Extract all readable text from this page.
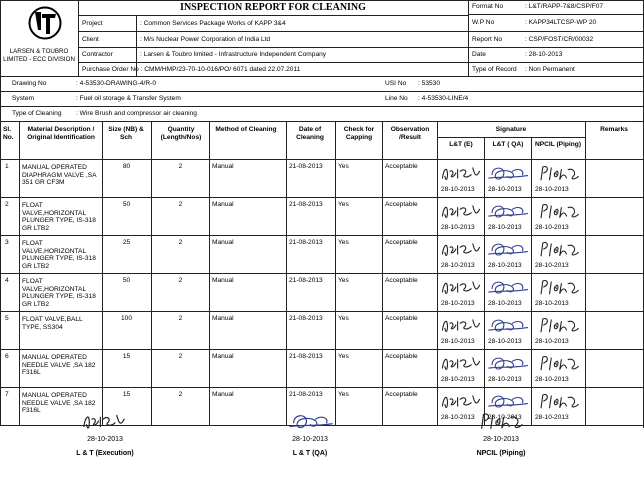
LARSEN & TOUBRO
LIMITED - ECC DIVISION
INSPECTION REPORT FOR CLEANING
Project	: Common Services Package Works of KAPP 3&4
Client	: M/s Nuclear Power Corporation of India Ltd
Contractor	: Larsen & Toubro limited - Infrastructure Independent Company
Purchase Order No : CMM/HMP/23-70-10-016/PO/ 6071 dated 22.07.2011
Format No	: L&T/RAPP-7&8/CSP/F07
W.P No	: KAPP34LTCSP-WP 20
Report No	: CSP/FOST/CR/00032
Date	: 28-10-2013
Type of Record : Non Permanent
Drawing No	: 4-53530-DRAWING-4/R-0	USI No : 53530
System	: Fuel oil storage & Transfer System	Line No : 4-53530-LINE/4
Type of Cleaning : Wire Brush and compressor air cleaning
Sl. No.
Material Description / Original Identification
Size (NB) & Sch
Quantity (Length/Nos)
Method of Cleaning	Date of Cleaning
Check for Capping
Observation /Result
Signature
L&T (E)	L&T ( QA)	NPCIL (Piping)
Remarks
1	MANUAL OPERATED DIAPHRAGM VALVE ,SA 351 GR CF3M
80	2	Manual	21-08-2013	Yes	Acceptable
28-10-2013	28-10-2013	28-10-2013
2	FLOAT VALVE,HORIZONTAL PLUNGER TYPE, IS-318 GR LTB2
50	2	Manual	21-08-2013	Yes	Acceptable
28-10-2013	28-10-2013	28-10-2013
3	FLOAT VALVE,HORIZONTAL PLUNGER TYPE, IS-318 GR LTB2
25	2	Manual	21-08-2013	Yes	Acceptable
28-10-2013	28-10-2013	28-10-2013
4	FLOAT VALVE,HORIZONTAL PLUNGER TYPE, IS-318 GR LTB2
50	2	Manual	21-08-2013	Yes	Acceptable
28-10-2013	28-10-2013	28-10-2013
5	FLOAT VALVE,BALL TYPE, SS304
100	2	Manual	21-08-2013	Yes	Acceptable
28-10-2013	28-10-2013	28-10-2013
6	MANUAL OPERATED NEEDLE VALVE ,SA 182 F316L
15	2	Manual	21-08-2013	Yes	Acceptable
28-10-2013	28-10-2013	28-10-2013
7	MANUAL OPERATED NEEDLE VALVE ,SA 182 F316L
15	2	Manual	21-08-2013	Yes	Acceptable
28-10-2013	28-10-2013	28-10-2013
28-10-2013
L & T (Execution)
28-10-2013
L & T (QA)
28-10-2013
NPCIL (Piping)
